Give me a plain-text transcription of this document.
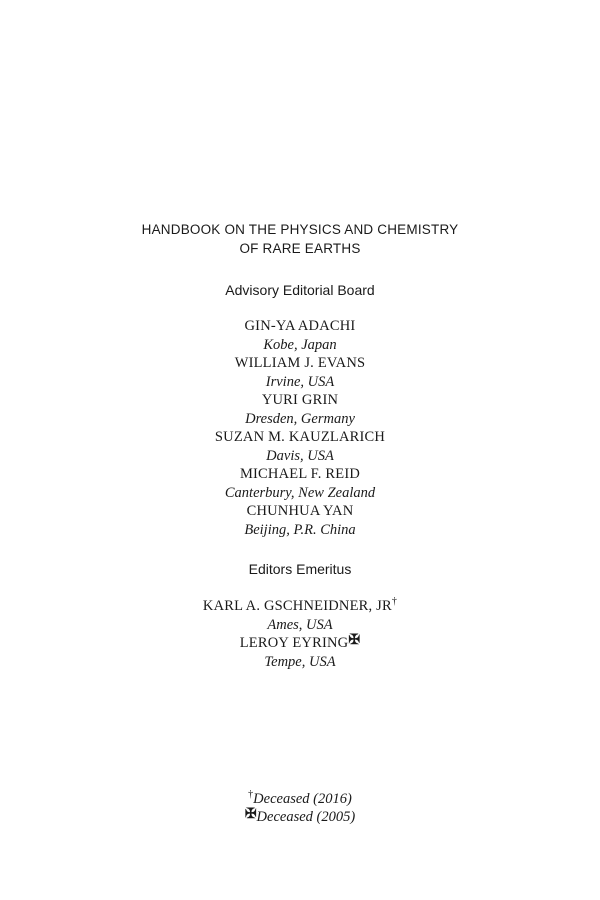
HANDBOOK ON THE PHYSICS AND CHEMISTRY
OF RARE EARTHS
Advisory Editorial Board
GIN-YA ADACHI
Kobe, Japan
WILLIAM J. EVANS
Irvine, USA
YURI GRIN
Dresden, Germany
SUZAN M. KAUZLARICH
Davis, USA
MICHAEL F. REID
Canterbury, New Zealand
CHUNHUA YAN
Beijing, P.R. China
Editors Emeritus
KARL A. GSCHNEIDNER, JR†
Ames, USA
LEROY EYRING✠
Tempe, USA
†Deceased (2016)
✠Deceased (2005)
